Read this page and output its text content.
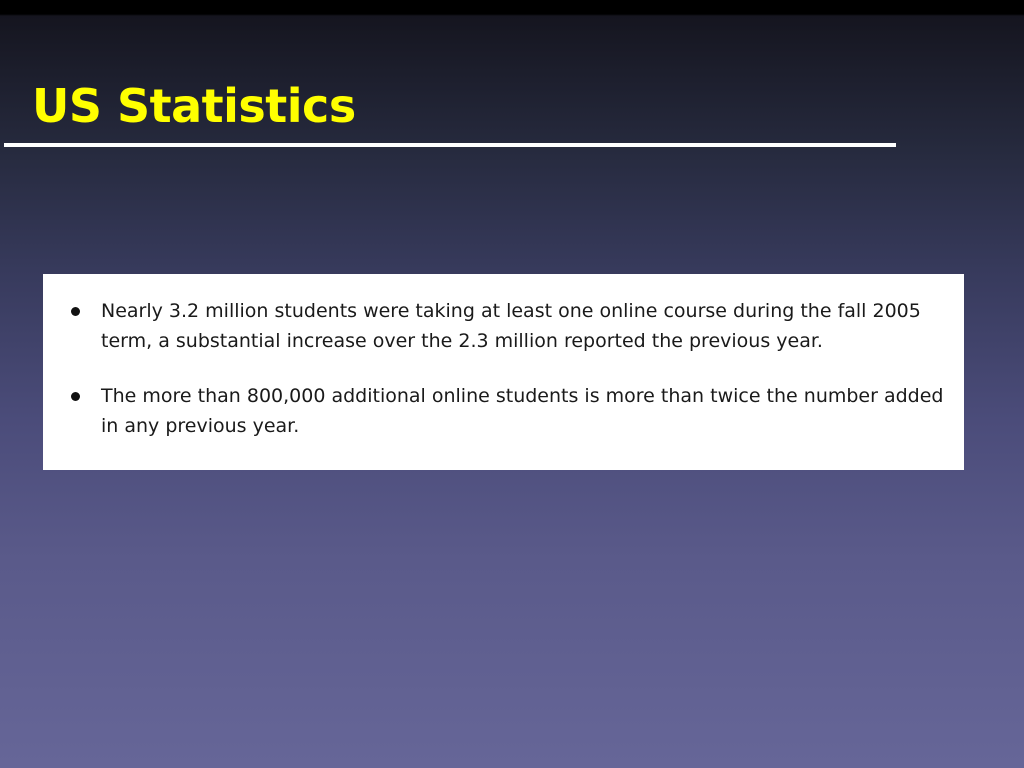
US Statistics
Nearly 3.2 million students were taking at least one online course during the fall 2005 term, a substantial increase over the 2.3 million reported the previous year.
The more than 800,000 additional online students is more than twice the number added in any previous year.
